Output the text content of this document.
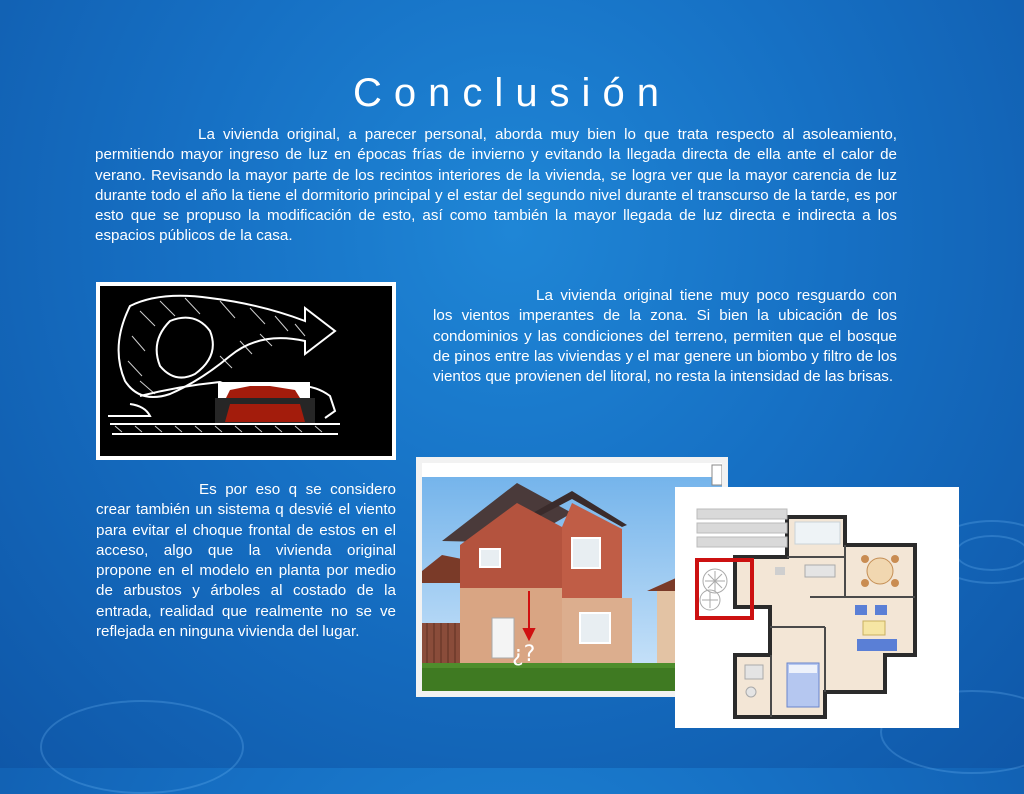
Conclusión

La vivienda original, a parecer personal, aborda muy bien lo que trata respecto al asoleamiento, permitiendo mayor ingreso de luz en épocas frías de invierno y evitando la llegada directa de ella ante el calor de verano. Revisando la mayor parte de los recintos interiores de la vivienda, se logra ver que la mayor carencia de luz durante todo el año la tiene el dormitorio principal y el estar del segundo nivel durante el transcurso de la tarde, es por esto que se propuso la modificación de esto, así como también la mayor llegada de luz directa e indirecta a los espacios públicos de la casa.

La vivienda original tiene muy poco resguardo con los vientos imperantes de la zona. Si bien la ubicación de los condominios y las condiciones del terreno, permiten que el bosque de pinos entre las viviendas y el mar genere un biombo y filtro de los vientos que provienen del litoral, no resta la intensidad de las brisas.

Es por eso q se considero crear también un sistema q desvié el viento para evitar el choque frontal de estos en el acceso, algo que la vivienda original propone en el modelo en planta por medio de arbustos y árboles al costado de la entrada, realidad que realmente no se ve reflejada en ninguna vivienda del lugar.

¿?
